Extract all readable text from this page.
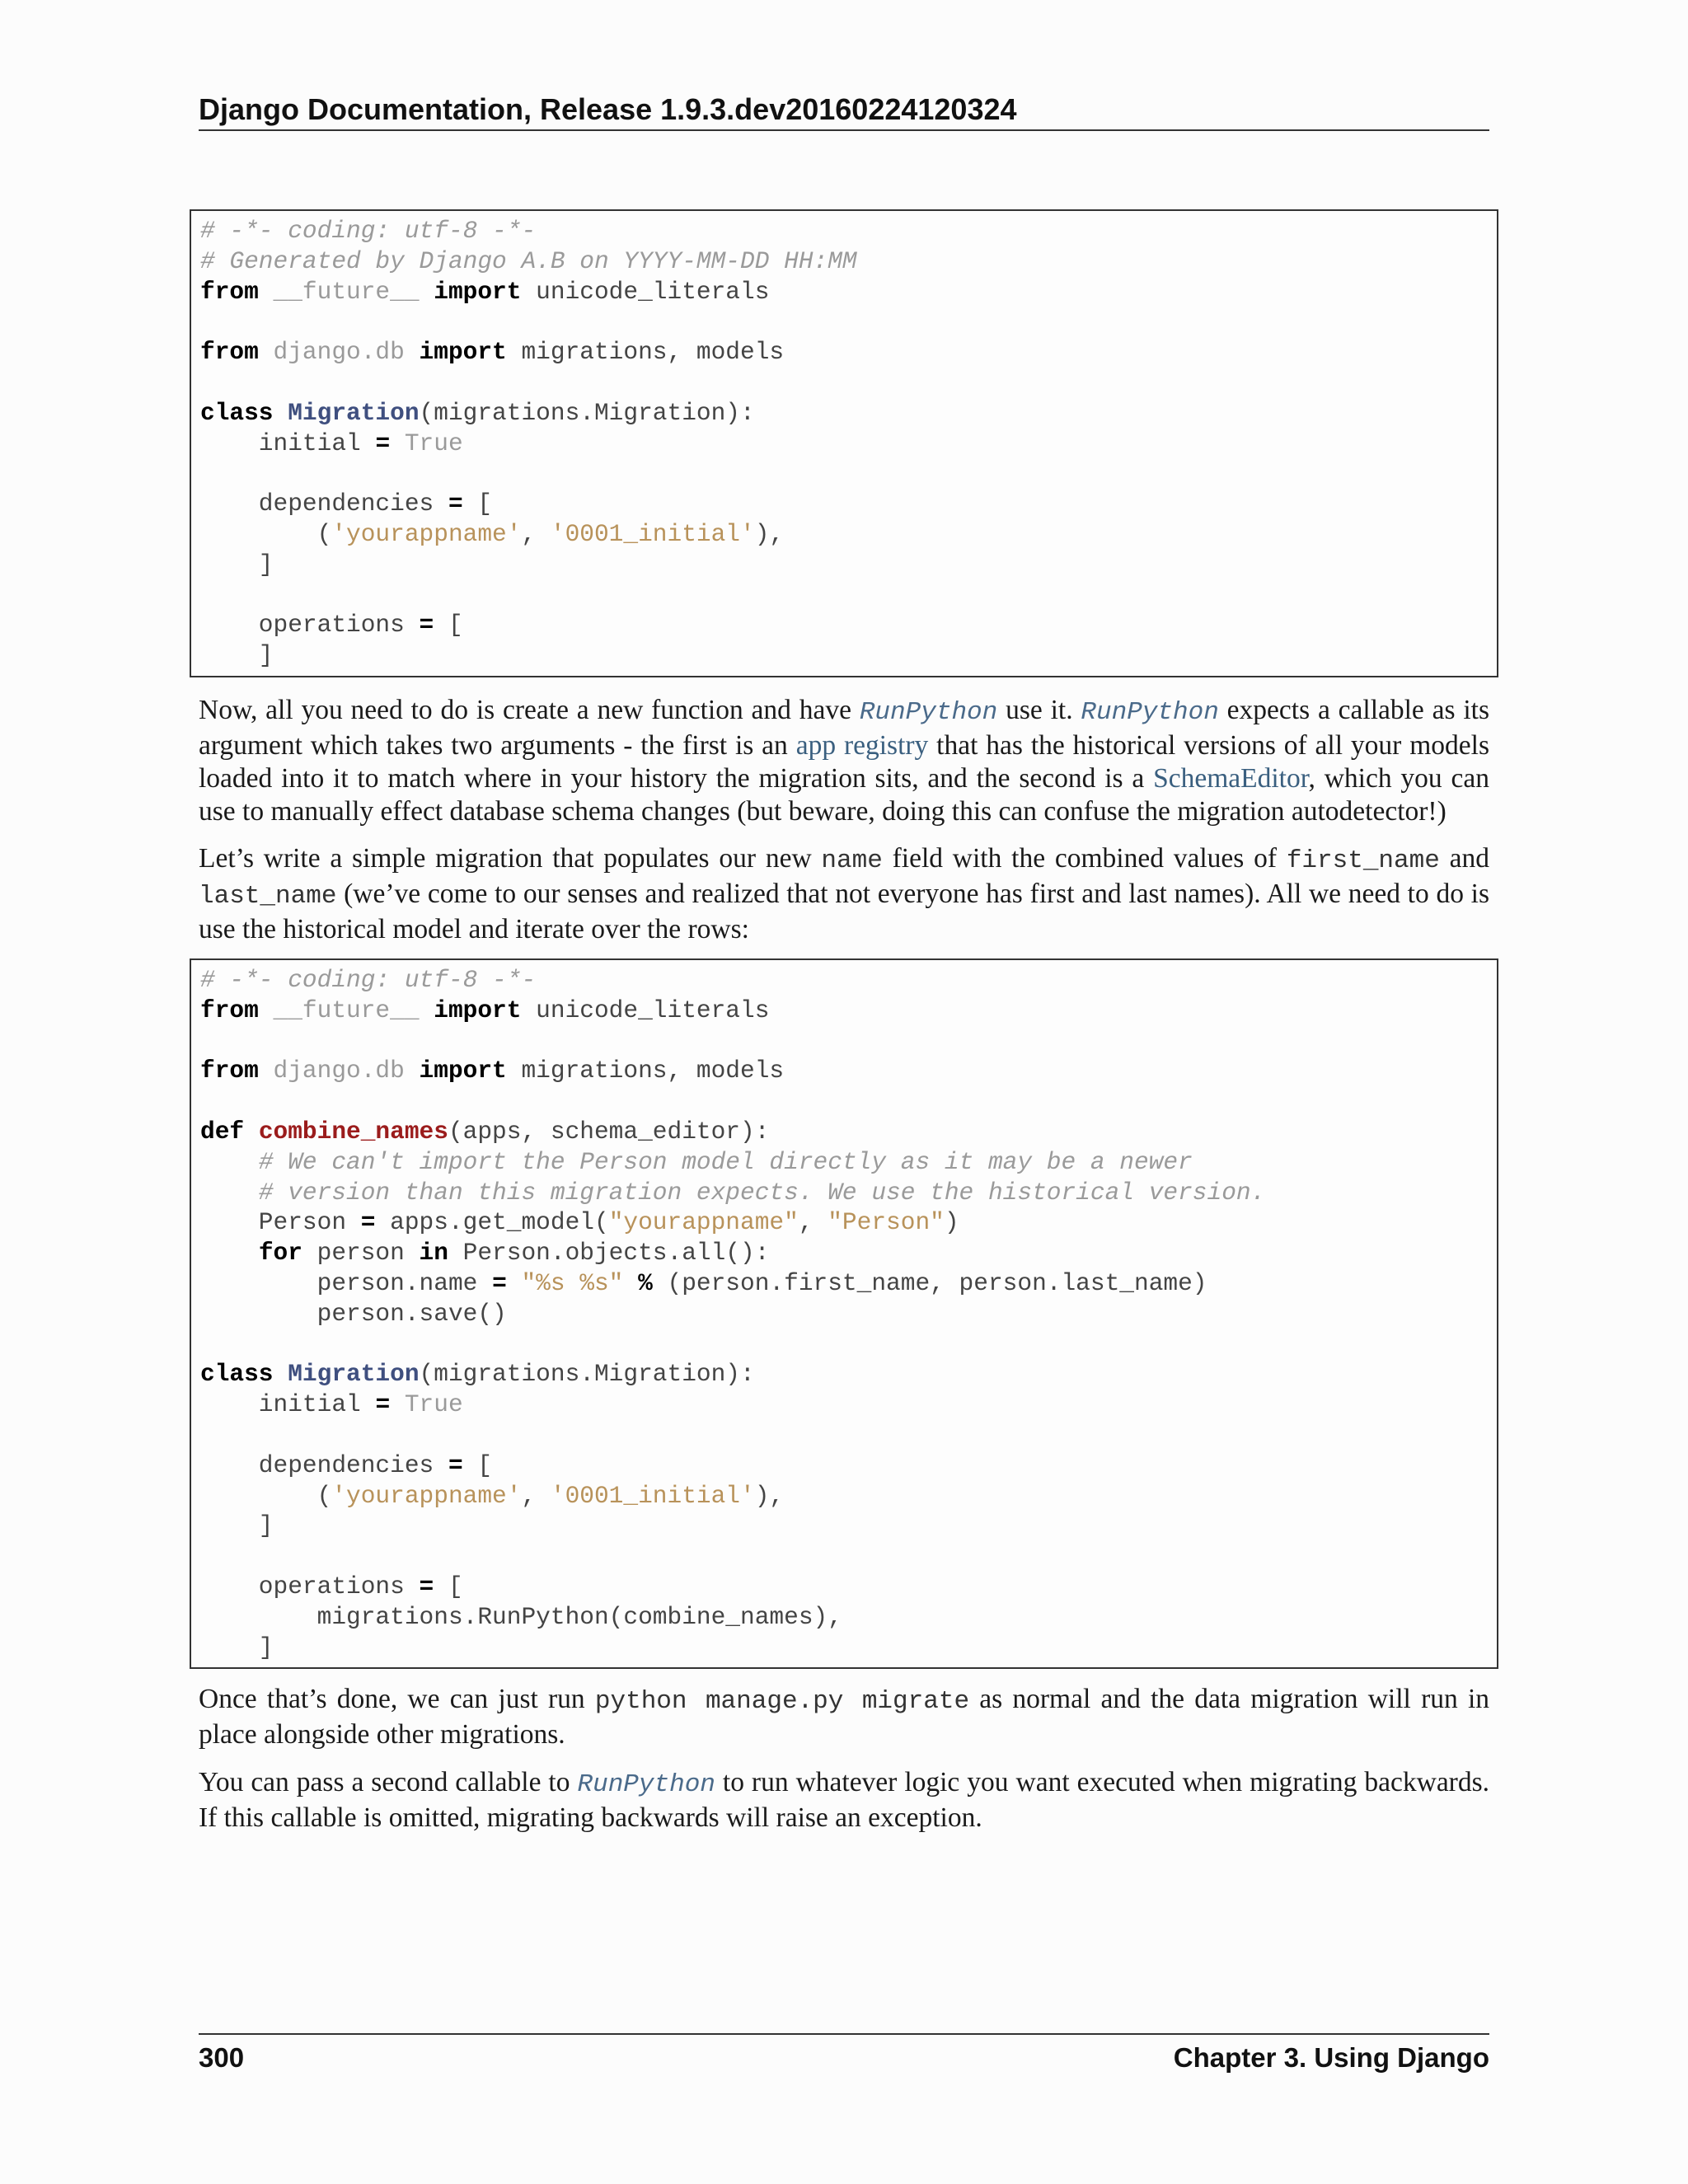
Django Documentation, Release 1.9.3.dev20160224120324
# -*- coding: utf-8 -*-
# Generated by Django A.B on YYYY-MM-DD HH:MM
from __future__ import unicode_literals
from django.db import migrations, models
class Migration(migrations.Migration):
initial = True
dependencies = [
('yourappname', '0001_initial'),
]
operations = [
]

Now, all you need to do is create a new function and have RunPython use it. RunPython expects a callable as its argument which takes two arguments - the first is an app registry that has the historical versions of all your models loaded into it to match where in your history the migration sits, and the second is a SchemaEditor, which you can use to manually effect database schema changes (but beware, doing this can confuse the migration autodetector!)

Let’s write a simple migration that populates our new name field with the combined values of first_name and last_name (we’ve come to our senses and realized that not everyone has first and last names). All we need to do is use the historical model and iterate over the rows:

# -*- coding: utf-8 -*-
from __future__ import unicode_literals
from django.db import migrations, models
def combine_names(apps, schema_editor):
# We can't import the Person model directly as it may be a newer
# version than this migration expects. We use the historical version.
Person = apps.get_model("yourappname", "Person")
for person in Person.objects.all():
person.name = "%s %s" % (person.first_name, person.last_name)
person.save()
class Migration(migrations.Migration):
initial = True
dependencies = [
('yourappname', '0001_initial'),
]
operations = [
migrations.RunPython(combine_names),
]

Once that’s done, we can just run python manage.py migrate as normal and the data migration will run in place alongside other migrations.

You can pass a second callable to RunPython to run whatever logic you want executed when migrating backwards. If this callable is omitted, migrating backwards will raise an exception.

300	Chapter 3. Using Django
